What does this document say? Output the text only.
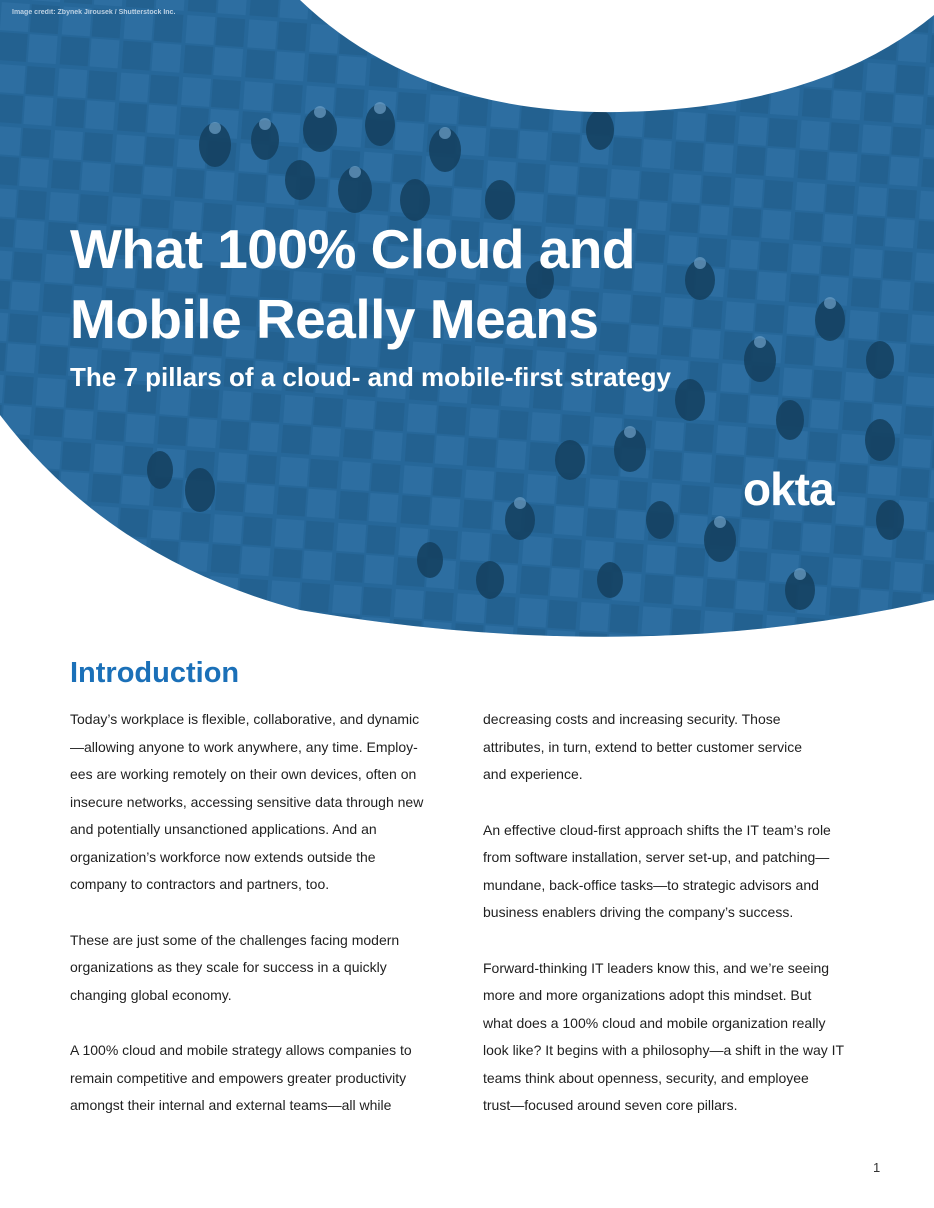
Image credit: Zbynek Jirousek / Shutterstock Inc.
What 100% Cloud and
Mobile Really Means
The 7 pillars of a cloud- and mobile-first strategy
okta
Introduction

Today’s workplace is flexible, collaborative, and dynamic
—allowing anyone to work anywhere, any time. Employ-
ees are working remotely on their own devices, often on
insecure networks, accessing sensitive data through new
and potentially unsanctioned applications. And an
organization’s workforce now extends outside the
company to contractors and partners, too.

These are just some of the challenges facing modern
organizations as they scale for success in a quickly
changing global economy.

A 100% cloud and mobile strategy allows companies to
remain competitive and empowers greater productivity
amongst their internal and external teams—all while

decreasing costs and increasing security. Those
attributes, in turn, extend to better customer service
and experience.

An effective cloud-first approach shifts the IT team’s role
from software installation, server set-up, and patching—
mundane, back-office tasks—to strategic advisors and
business enablers driving the company’s success.

Forward-thinking IT leaders know this, and we’re seeing
more and more organizations adopt this mindset. But
what does a 100% cloud and mobile organization really
look like? It begins with a philosophy—a shift in the way IT
teams think about openness, security, and employee
trust—focused around seven core pillars.

1
